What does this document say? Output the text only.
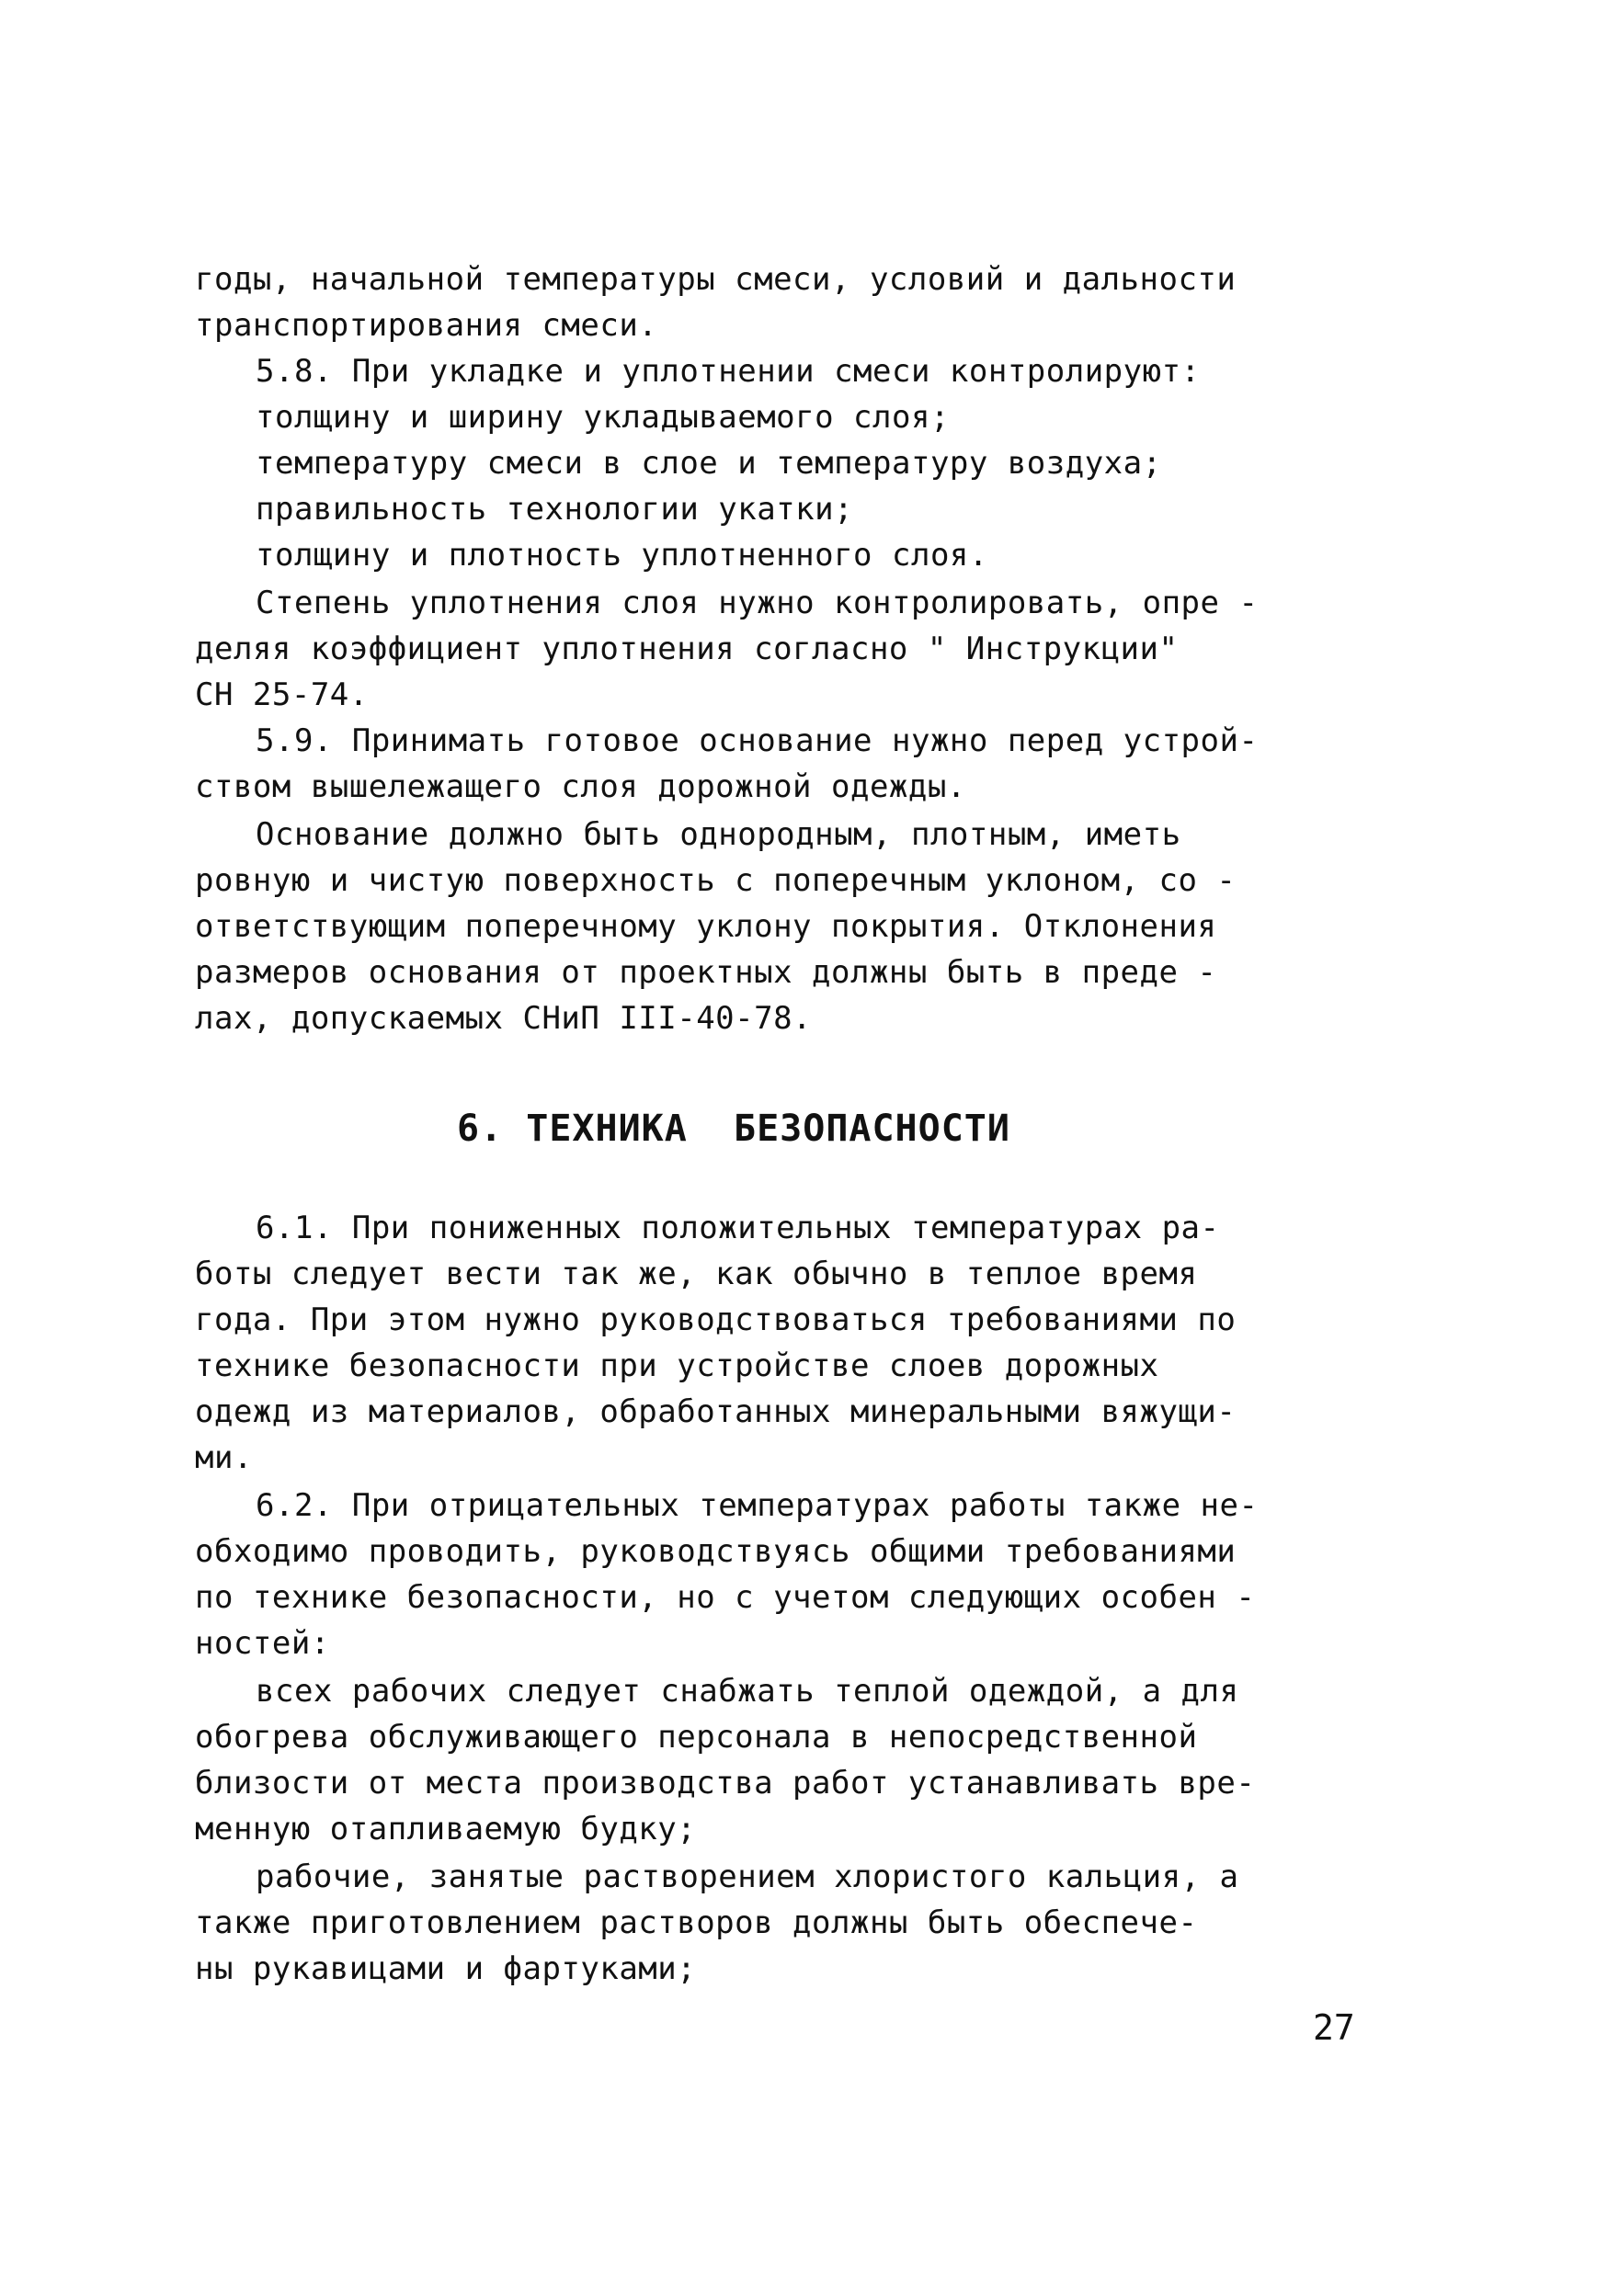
годы, начальной температуры смеси, условий и дальности

транспортирования смеси.

5.8. При укладке и уплотнении смеси контролируют:

толщину и ширину укладываемого слоя;

температуру смеси в слое и температуру воздуха;

правильность технологии укатки;

толщину и плотность уплотненного слоя.

Степень уплотнения слоя нужно контролировать, опре -

деляя коэффициент уплотнения согласно " Инструкции"

СН 25-74.

5.9. Принимать готовое основание нужно перед устрой-

ством вышележащего слоя дорожной одежды.

Основание должно быть однородным, плотным, иметь

ровную и чистую поверхность с поперечным уклоном, со -

ответствующим поперечному уклону покрытия. Отклонения

размеров основания от проектных должны быть в преде -

лах, допускаемых СНиП III-40-78.

6. ТЕХНИКА  БЕЗОПАСНОСТИ

6.1. При пониженных положительных температурах ра-

боты следует вести так же, как обычно в теплое время

года. При этом нужно руководствоваться требованиями по

технике безопасности при устройстве слоев дорожных

одежд из материалов, обработанных минеральными вяжущи-

ми.

6.2. При отрицательных температурах работы также не-

обходимо проводить, руководствуясь общими требованиями

по технике безопасности, но с учетом следующих особен -

ностей:

всех рабочих следует снабжать теплой одеждой, а для

обогрева обслуживающего персонала в непосредственной

близости от места производства работ устанавливать вре-

менную отапливаемую будку;

рабочие, занятые растворением хлористого кальция, а

также приготовлением растворов должны быть обеспече-

ны рукавицами и фартуками;

27
